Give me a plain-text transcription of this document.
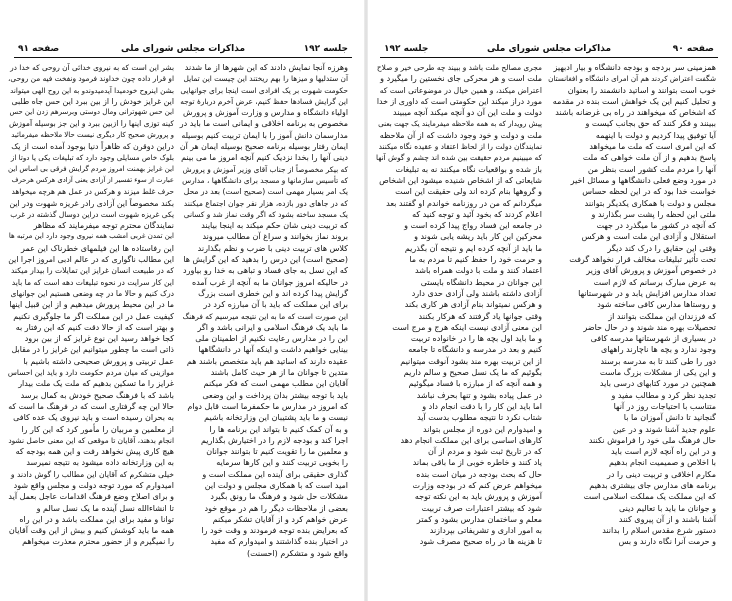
جلسه ۱۹۲
مذاکرات مجلس شورای ملی
صفحه ۹۱

وهرزه آنجا نمایش دادند که این شهرها از ما شدند

آن ستدلیها و میزها را بهم ریختند این چیست این تمایل

حکومت شهوت بر یک افرادی است اینجا برای جوانهایی

این گرایش فسادها حفظ کنیم، عرض آخرم دربارهٔ توجه

اولیاء دانشگاه و مدارس و وزارت آموزش و پرورش

مخصوص به برنامه اخلاقی و ایمانی است ما باید در

مدارسمان دانش آموز را با ایمان تربیت کنیم بوسیله

ایمان رفتار بوسیله برنامه صحیح بوسیله ایمان هر آن

دینی آنها را بخدا نزدیک کنیم آنچه امروز ما می بینم

که بیکر مخصوصاً از جناب آقای وزیر آموزش و پرورش

که تأسیس سازمانها و مسجد برای دانشگاهها ، مدارس

یک امر بسیار مهمی است (صحیح است) بعد در محل

که در جاهای دور بازده، هزار نفر جوان اجتماع میکنند

یک مسجد ساخته بشود که اگر وقت نماز شد و کسانی

که تربیت دینی شان حکم میکند به اینجا بیایند

بروند نماز بخوانند و سراغ آن مطالب میروند

کلاس های تربیت دینی با ضرب و نظم بگذارند

(صحیح است) این درس را بدهید که این گرایش ها

که این نسل به جای فساد و تباهی به خدا رو بیاورد

در حالیکه امروز جوانان ما به آنچه از غرب آمده

گرایش پیدا کرده اند و این خطری است بزرگ

برای این مملکت که باید با آن مبارزه کرد در

این صورت است که ما به این نتیجه میرسیم که فرهنگ

ما باید یک فرهنگ اسلامی و ایرانی باشد و اگر

این را در مدارس رعایت نکنیم از اطمینان ملی

بینایی خواهیم داشت و اینکه آنها در دانشگاهها

عقیده دارند که اساتید هم باید متخصص باشند هم

متدین تا جوانان ما از هر حیث کامل باشند

آقایان این مطلب مهمی است که فکر میکنم

باید با توجه بیشتر بدان پرداخت و این وضعی

که امروز در مدارس ما حکمفرما است قابل دوام

نیست و ما باید پشتیبان این وزارتخانه باشیم

و به آن کمک کنیم تا بتواند این برنامه ها را

اجرا کند و بودجه لازم را در اختیارش بگذاریم

و معلمین ما را تقویت کنیم تا بتوانند جوانان

را بخوبی تربیت کنند و این کارها سرمایه

گذاری حقیقی برای آینده این مملکت است و

امید است که با همکاری مجلس و دولت این

مشکلات حل شود و فرهنگ ما رونق بگیرد

بعضی از ملاحظات دیگر را هم در موقع خود

عرض خواهم کرد و از آقایان تشکر میکنم

که بعرایض بنده توجه فرمودند و وقت خود را

در اختیار بنده گذاشتند و امیدوارم که مفید

واقع شود و متشکرم (احسنت)

بشر این است که به نیروی خدائی آن روحی که خدا در

او قرار داده چون خداوند فرمود ونفخت فیه من روحی،

بشن اینروح خودمیدا آیدمیدوندو به این روح الهی میتواند

این غرایز خودش را از بین ببرد این حس جاه طلبی

این حس شهوترانی ومال دوستی وبرسرهم زدن این حس

کینه توزی اینها را ازبین ببرد و این جز بوسیله آموزش

و پرورش صحیح کار دیگری نیست حالا ملاحظه میفرمائید

دراین دوقرن که ظاهراً دنیا بوجود آمده است از یک

بلوک خاص مسایلی وجود دارد که تبلیغات یکی یا دوتا از

این غرایز بهمنت امروز مردم گرایش فرقی بی اساس این

عبارت از سوء تفسیر از آزادی یعنی آزادی هرکس هرحرف

حرف غلط میزند و هرکس در عمل هم هرچه میخواهد

بکند مخصوصاً این آزادی رادر غریزه شهوت ودر این

یکی غریزه شهوت است دراین دوسال گذشته در غرب

نمایندگان محترم توجه میفرمایند که مظاهر

این تمدن غربی امشب همه نیروی وجود دارد این مرتبه ها

این رفاستاده ها این فیلمهای خطرناک این عمر

این مطالب ناگواری که در عالم ادبی امروز اجرا این

که در طبیعت انسان غرایز این تمایلات را بیدار میکند

این کار سرایت در نحوه تبلیغات دهه است که ما باید

درک کنیم و حالا ما در چه وضعی هستیم این جوانهای

ما در این محیط پرورش میدهیم و از این قبیل اینها

کیفیت عمل در این مملکت اگر ما جلوگیری نکنیم

و بهتر است که از حالا دقت کنیم که این رفتار به

کجا خواهد رسید این نوع غرایز که از بین برود

ذاتی است ما چطور میتوانیم این غرایز را در مقابل

عمل تربیتی و پرورش صحیحی داشته باشیم با

موازینی که میان مردم حکومت دارد و باید این احساس

غرایز را ما تسکین بدهیم که ملت یک ملت بیدار

باشد که با فرهنگ صحیح خودش به کمال برسد

حالا این چه گرفتاری است که در فرهنگ ما است که

به بحران رسیده است و باید نیروی یک عده کافی

از معلمین و مربیان را مأمور کرد که این کار را

انجام بدهند، آقایان تا موقعی که این معنی حاصل نشود

هیچ کاری پیش نخواهد رفت و این همه بودجه که

به این وزارتخانه داده میشود به نتیجه نمیرسد

خیلی متشکرم که آقایان این مطالب را گوش دادند و

امیدوارم که مورد توجه دولت و مجلس واقع شود

و برای اصلاح وضع فرهنگ اقدامات عاجل بعمل آید

تا انشاءالله نسل آینده ما یک نسل سالم و

توانا و مفید برای این مملکت باشد و در این راه

همه ما باید کوشش کنیم و بیش از این وقت آقایان

را نمیگیرم و از حضور محترم معذرت میخواهم

صفحه ۹۰
مذاکرات مجلس شورای ملی
جلسه ۱۹۲

همزمینی سر بردجه و بودجه دانشگاه و بیار ادبهیز

شگفت اعتراض کردند هم آن امرای دانشگاه و افغانستان

خوب است بتوانند و اساتید دانشمند را بعنوان

و تحلیل کنیم این یک خواهش است بنده در مقدمه

که اشخاص که میخواهند در راه بی غرضانه باشند

ببینند و فکر کنند که حق بجانب کیست و

آیا توفیق پیدا کردیم و دولت با اینهمه

که این امری است که ملت ما میخواهد

پاسخ بدهیم و از آن ملت خواهی که ملت

آنها را مردم ملت کشور است بنظر من

در مورد وضع فعلی دانشگاهها و مسائل اخیر

خواست خدا بود که در این لحظه حساس

مجلس و دولت با همکاری یکدیگر بتوانند

ملتی این لحظه را پشت سر بگذارند و

که آنچه در کشور ما میگذرد در جهت

استقلال و آزادی این ملت است و هرکس

وقتی این حقایق را درک کند دیگر

تحت تأثیر تبلیغات مخالف قرار نخواهد گرفت

در خصوص آموزش و پرورش آقای وزیر

به عرض مبارک برسانم که لازم است

تعداد مدارس افزایش یابد و در شهرستانها

و روستاها مدارس کافی ساخته شود

که فرزندان این مملکت بتوانند از

تحصیلات بهره مند شوند و در حال حاضر

در بسیاری از شهرستانها مدرسه کافی

وجود ندارد و بچه ها ناچارند راههای

دور را طی کنند تا به مدرسه برسند

و این یکی از مشکلات بزرگ ماست

همچنین در مورد کتابهای درسی باید

تجدید نظر کرد و مطالب مفید و

متناسب با احتیاجات روز در آنها

گنجانید تا دانش آموزان ما با

علوم جدید آشنا شوند و در عین

حال فرهنگ ملی خود را فراموش نکنند

و در این راه آنچه لازم است باید

با اخلاص و صمیمیت انجام بدهیم

مکارم اخلاقی و تربیت دینی را در

برنامه های مدارس جای بیشتری بدهیم

که این مملکت یک مملکت اسلامی است

و جوانان ما باید با تعالیم دینی

آشنا باشند و از آن پیروی کنند

دستور شرع مقدس اسلام را بدانند

و حرمت آنرا نگاه دارند و بس

مجری مصالح ملت باشد و ببیند چه طرحی خیر و صلاح

ملت است و هر محرکی جای نخستین را میگیرد و

اعتراض میکند، و همین خیال در موضوعاتی است که

مورد دراز میکند این حکومتی است که داوری از خدا

دولت و ملت این آن دو آنچه میکند آنچه میبیند

پیش رویدار که به همه ملاحظه میفرمایند یک جهت بعنی

ملت و دولت و خود وجود داشت که از آن ملاحظه

نمایندگان دولت را از لحاظ اعتقاد و عقیده نگاه میکنند

که میبینیم مردم حقیقت بین شده اند چشم و گوش آنها

باز شده و بواقعیات نگاه میکنند نه به تبلیغات

شایعاتی که از اشخاص شنیده میشود این اشخاص

و گروهها بنام کرده اند ولی حقیقت این است

میگردانم که من در روزنامه خواندم او گفتند بعد

اعلام کردند که بخود آئید و توجه کنید که

در جامعه این فساد رواج پیدا کرده است و

محرکین این کار باید ریشه یابی شوند و

ما باید از آنچه کرده ایم و نتیجه آن بگذریم

و حرمت خود را حفظ کنیم تا مردم به ما

اعتماد کنند و ملت با دولت همراه باشد

این جوانان در محیط دانشگاه بایستی

آزادی داشته باشند ولی آزادی حدی دارد

و هرکس نمیتواند بنام آزادی هر کاری بکند

وقتی جوانها یاد گرفتند که هرکار بکنند

این معنی آزادی نیست اینکه هرج و مرج است

و ما باید اول بچه ها را در خانواده تربیت

کنیم و بعد در مدرسه و دانشگاه تا جامعه

از این تربیت بهره مند بشود آنوقت میتوانیم

بگوئیم که ما یک نسل صحیح و سالم داریم

و همه آنچه که از مبارزه با فساد میگوئیم

در عمل پیاده بشود و تنها بحرف نباشد

اما باید این کار را با دقت انجام داد و

شتاب نکرد تا نتیجه مطلوب بدست آید

و امیدوارم این دوره از مجلس بتواند

کارهای اساسی برای این مملکت انجام دهد

که در تاریخ ثبت شود و مردم از آن

یاد کنند و خاطره خوبی از ما باقی بماند

حال که بحث بودجه در میان است بنده

میخواهم عرض کنم که در بودجه وزارت

آموزش و پرورش باید به این نکته توجه

شود که بیشتر اعتبارات صرف تربیت

معلم و ساختمان مدارس بشود و کمتر

به امور اداری و تشریفاتی بپردازند

تا هزینه ها در راه صحیح مصرف شود
